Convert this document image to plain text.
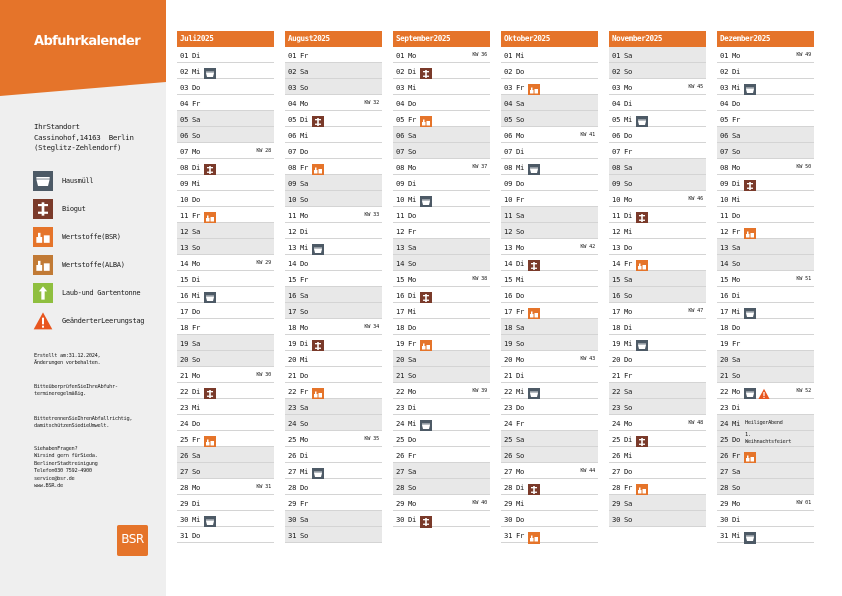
Abfuhrkalender
IhrStandort
Cassinohof,14163  Berlin
(Steglitz-Zehlendorf)
Hausmüll
Biogut
Wertstoffe(BSR)
Wertstoffe(ALBA)
Laub-und Gartentonne
GeänderterLeerungstag
Erstellt am:31.12.2024,
Änderungen vorbehalten.
BitteüberprüfenSieIhreAbfuhr-
termineregelmäßig.
BittetrennenSieIhrenAbfallrichtig,
damitschützenSiedieUmwelt.
SiehabenFragen?
Wirsind gern fürSieda.
BerlinerStadtreinigung
Telefon030 7592-4900
service@bsr.de
www.BSR.de
BSR
Juli2025
01 Di
02 Mi
03 Do
04 Fr
05 Sa
06 So
07 Mo	KW 28
08 Di
09 Mi
10 Do
11 Fr
12 Sa
13 So
14 Mo	KW 29
15 Di
16 Mi
17 Do
18 Fr
19 Sa
20 So
21 Mo	KW 30
22 Di
23 Mi
24 Do
25 Fr
26 Sa
27 So
28 Mo	KW 31
29 Di
30 Mi
31 Do
August2025
01 Fr
02 Sa
03 So
04 Mo	KW 32
05 Di
06 Mi
07 Do
08 Fr
09 Sa
10 So
11 Mo	KW 33
12 Di
13 Mi
14 Do
15 Fr
16 Sa
17 So
18 Mo	KW 34
19 Di
20 Mi
21 Do
22 Fr
23 Sa
24 So
25 Mo	KW 35
26 Di
27 Mi
28 Do
29 Fr
30 Sa
31 So
September2025
01 Mo	KW 36
02 Di
03 Mi
04 Do
05 Fr
06 Sa
07 So
08 Mo	KW 37
09 Di
10 Mi
11 Do
12 Fr
13 Sa
14 So
15 Mo	KW 38
16 Di
17 Mi
18 Do
19 Fr
20 Sa
21 So
22 Mo	KW 39
23 Di
24 Mi
25 Do
26 Fr
27 Sa
28 So
29 Mo	KW 40
30 Di
Oktober2025
01 Mi
02 Do
03 Fr
04 Sa
05 So
06 Mo	KW 41
07 Di
08 Mi
09 Do
10 Fr
11 Sa
12 So
13 Mo	KW 42
14 Di
15 Mi
16 Do
17 Fr
18 Sa
19 So
20 Mo	KW 43
21 Di
22 Mi
23 Do
24 Fr
25 Sa
26 So
27 Mo	KW 44
28 Di
29 Mi
30 Do
31 Fr
November2025
01 Sa
02 So
03 Mo	KW 45
04 Di
05 Mi
06 Do
07 Fr
08 Sa
09 So
10 Mo	KW 46
11 Di
12 Mi
13 Do
14 Fr
15 Sa
16 So
17 Mo	KW 47
18 Di
19 Mi
20 Do
21 Fr
22 Sa
23 So
24 Mo	KW 48
25 Di
26 Mi
27 Do
28 Fr
29 Sa
30 So
Dezember2025
01 Mo	KW 49
02 Di
03 Mi
04 Do
05 Fr
06 Sa
07 So
08 Mo	KW 50
09 Di
10 Mi
11 Do
12 Fr
13 Sa
14 So
15 Mo	KW 51
16 Di
17 Mi
18 Do
19 Fr
20 Sa
21 So
22 Mo	KW 52
23 Di
24 Mi HeiligerAbend
25 Do 1.
Weihnachtsfeiert
26 Fr
27 Sa
28 So
29 Mo	KW 01
30 Di
31 Mi
